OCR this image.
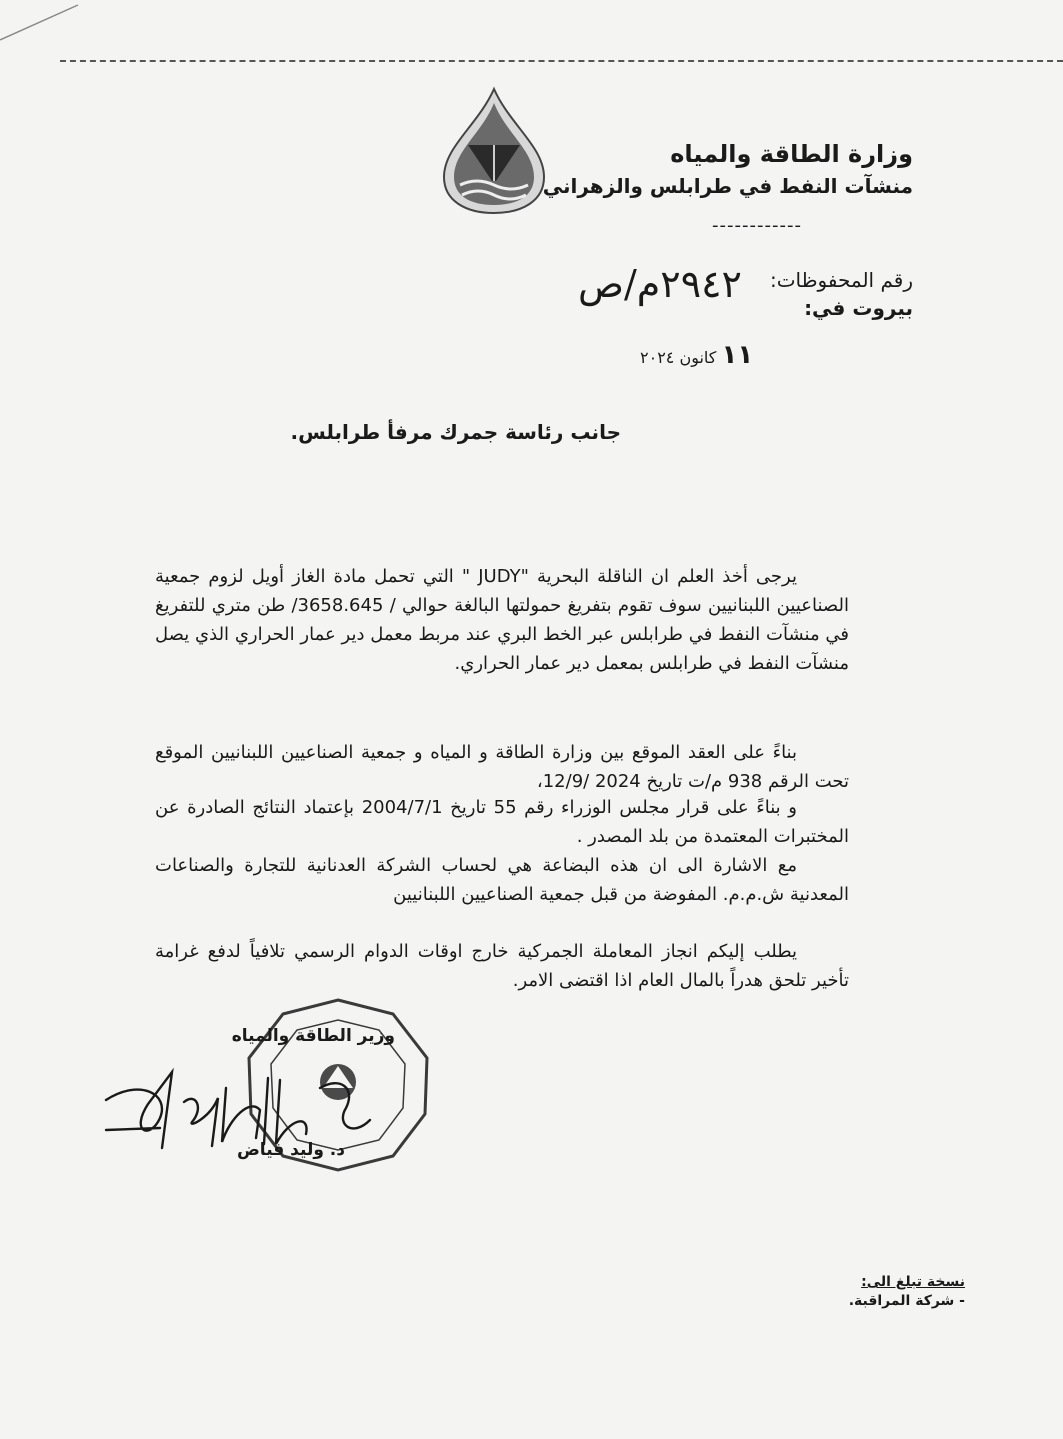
وزارة الطاقة والمياه
منشآت النفط في طرابلس والزهراني
------------
رقم المحفوظات:
٢٩٤٢م/ص
بيروت في:
١١ كانون ٢٠٢٤
جانب رئاسة جمرك مرفأ طرابلس.
يرجى أخذ العلم ان الناقلة البحرية "JUDY " التي تحمل مادة الغاز أويل لزوم جمعية الصناعيين اللبنانيين سوف تقوم بتفريغ حمولتها البالغة حوالي / 3658.645/ طن متري للتفريغ في منشآت النفط في طرابلس عبر الخط البري عند مربط معمل دير عمار الحراري الذي يصل منشآت النفط في طرابلس بمعمل دير عمار الحراري.
بناءً على العقد الموقع بين وزارة الطاقة و المياه و جمعية الصناعيين اللبنانيين الموقع تحت الرقم 938 م/ت تاريخ 2024 /12/9،
و بناءً على قرار مجلس الوزراء رقم 55 تاريخ 2004/7/1 بإعتماد النتائج الصادرة عن المختبرات المعتمدة من بلد المصدر .
مع الاشارة الى ان هذه البضاعة هي لحساب الشركة العدنانية للتجارة والصناعات المعدنية ش.م.م. المفوضة من قبل جمعية الصناعيين اللبنانيين
يطلب إليكم انجاز المعاملة الجمركية خارج اوقات الدوام الرسمي تلافياً لدفع غرامة تأخير تلحق هدراً بالمال العام اذا اقتضى الامر.
وزير الطاقة والمياه
د. وليد فياض
نسخة تبلغ الى:
- شركة المراقبة.
